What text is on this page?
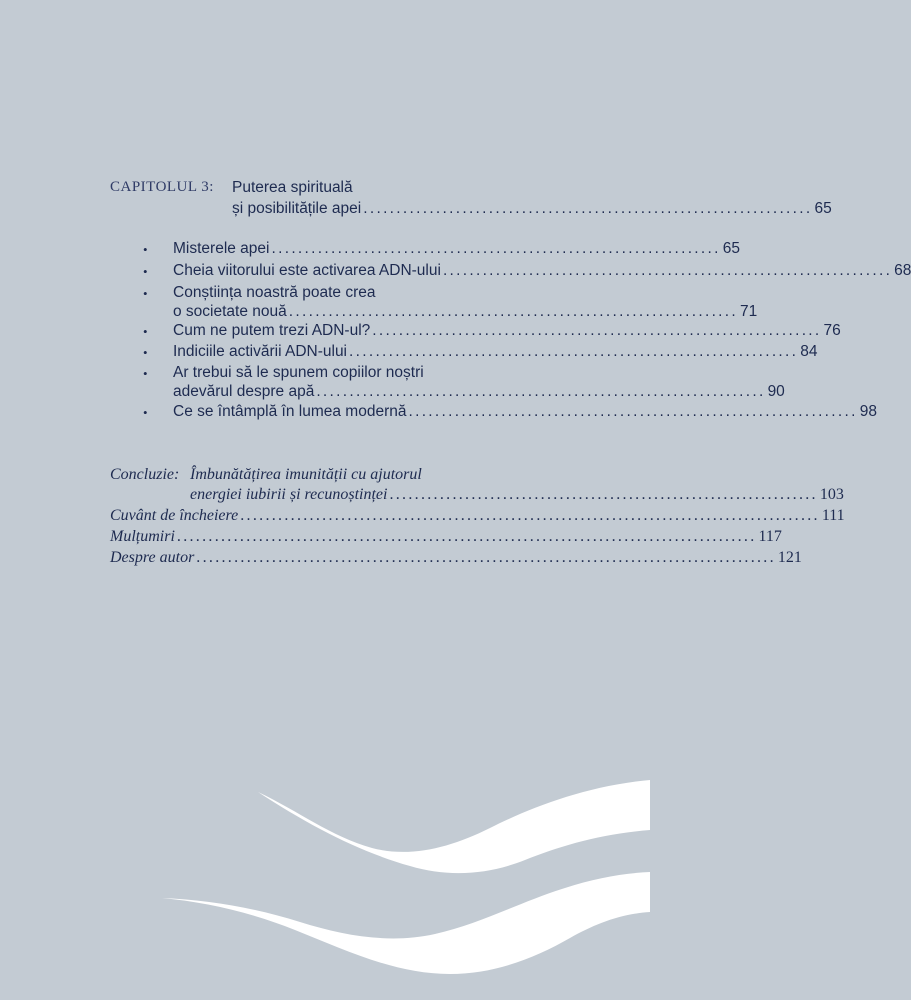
CAPITOLUL 3: Puterea spirituală
și posibilitățile apei .................................................................... 65
• Misterele apei .................................................................... 65
• Cheia viitorului este activarea ADN-ului .................................................................... 68
• Conștiința noastră poate crea
o societate nouă .................................................................... 71
• Cum ne putem trezi ADN-ul? .................................................................... 76
• Indiciile activării ADN-ului .................................................................... 84
• Ar trebui să le spunem copiilor noștri
adevărul despre apă .................................................................... 90
• Ce se întâmplă în lumea modernă .................................................................... 98
Concluzie: Îmbunătățirea imunității cu ajutorul
energiei iubirii și recunoștinței .................................................................... 103
Cuvânt de încheiere ............................................................................................ 111
Mulțumiri ............................................................................................ 117
Despre autor ............................................................................................ 121
